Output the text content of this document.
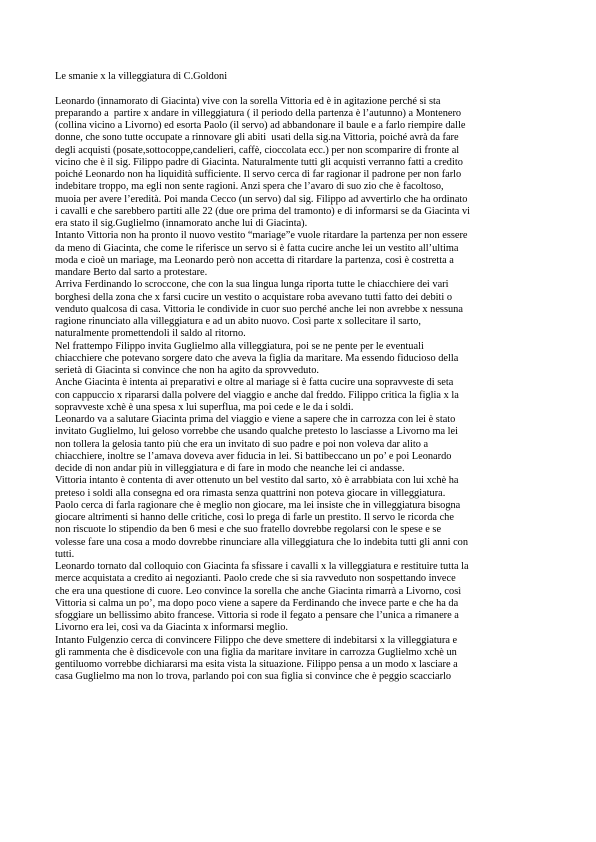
Le smanie x la villeggiatura di C.Goldoni
Leonardo (innamorato di Giacinta) vive con la sorella Vittoria ed è in agitazione perché si sta
preparando a  partire x andare in villeggiatura ( il periodo della partenza è l’autunno) a Montenero
(collina vicino a Livorno) ed esorta Paolo (il servo) ad abbandonare il baule e a farlo riempire dalle
donne, che sono tutte occupate a rinnovare gli abiti  usati della sig.na Vittoria, poiché avrà da fare
degli acquisti (posate,sottocoppe,candelieri, caffè, cioccolata ecc.) per non scomparire di fronte al
vicino che è il sig. Filippo padre di Giacinta. Naturalmente tutti gli acquisti verranno fatti a credito
poiché Leonardo non ha liquidità sufficiente. Il servo cerca di far ragionar il padrone per non farlo
indebitare troppo, ma egli non sente ragioni. Anzi spera che l’avaro di suo zio che è facoltoso,
muoia per avere l’eredità. Poi manda Cecco (un servo) dal sig. Filippo ad avvertirlo che ha ordinato
i cavalli e che sarebbero partiti alle 22 (due ore prima del tramonto) e di informarsi se da Giacinta vi
era stato il sig.Guglielmo (innamorato anche lui di Giacinta).
Intanto Vittoria non ha pronto il nuovo vestito “mariage”e vuole ritardare la partenza per non essere
da meno di Giacinta, che come le riferisce un servo si è fatta cucire anche lei un vestito all’ultima
moda e cioè un mariage, ma Leonardo però non accetta di ritardare la partenza, così è costretta a
mandare Berto dal sarto a protestare.
Arriva Ferdinando lo scroccone, che con la sua lingua lunga riporta tutte le chiacchiere dei vari
borghesi della zona che x farsi cucire un vestito o acquistare roba avevano tutti fatto dei debiti o
venduto qualcosa di casa. Vittoria le condivide in cuor suo perché anche lei non avrebbe x nessuna
ragione rinunciato alla villeggiatura e ad un abito nuovo. Così parte x sollecitare il sarto,
naturalmente promettendoli il saldo al ritorno.
Nel frattempo Filippo invita Guglielmo alla villeggiatura, poi se ne pente per le eventuali
chiacchiere che potevano sorgere dato che aveva la figlia da maritare. Ma essendo fiducioso della
serietà di Giacinta si convince che non ha agito da sprovveduto.
Anche Giacinta è intenta ai preparativi e oltre al mariage si è fatta cucire una sopravveste di seta
con cappuccio x ripararsi dalla polvere del viaggio e anche dal freddo. Filippo critica la figlia x la
sopravveste xchè è una spesa x lui superflua, ma poi cede e le da i soldi.
Leonardo va a salutare Giacinta prima del viaggio e viene a sapere che in carrozza con lei è stato
invitato Guglielmo, lui geloso vorrebbe che usando qualche pretesto lo lasciasse a Livorno ma lei
non tollera la gelosia tanto più che era un invitato di suo padre e poi non voleva dar alito a
chiacchiere, inoltre se l’amava doveva aver fiducia in lei. Si battibeccano un po’ e poi Leonardo
decide di non andar più in villeggiatura e di fare in modo che neanche lei ci andasse.
Vittoria intanto è contenta di aver ottenuto un bel vestito dal sarto, xò è arrabbiata con lui xchè ha
preteso i soldi alla consegna ed ora rimasta senza quattrini non poteva giocare in villeggiatura.
Paolo cerca di farla ragionare che è meglio non giocare, ma lei insiste che in villeggiatura bisogna
giocare altrimenti si hanno delle critiche, così lo prega di farle un prestito. Il servo le ricorda che
non riscuote lo stipendio da ben 6 mesi e che suo fratello dovrebbe regolarsi con le spese e se
volesse fare una cosa a modo dovrebbe rinunciare alla villeggiatura che lo indebita tutti gli anni con
tutti.
Leonardo tornato dal colloquio con Giacinta fa sfissare i cavalli x la villeggiatura e restituire tutta la
merce acquistata a credito ai negozianti. Paolo crede che si sia ravveduto non sospettando invece
che era una questione di cuore. Leo convince la sorella che anche Giacinta rimarrà a Livorno, così
Vittoria si calma un po’, ma dopo poco viene a sapere da Ferdinando che invece parte e che ha da
sfoggiare un bellissimo abito francese. Vittoria si rode il fegato a pensare che l’unica a rimanere a
Livorno era lei, così va da Giacinta x informarsi meglio.
Intanto Fulgenzio cerca di convincere Filippo che deve smettere di indebitarsi x la villeggiatura e
gli rammenta che è disdicevole con una figlia da maritare invitare in carrozza Guglielmo xchè un
gentiluomo vorrebbe dichiararsi ma esita vista la situazione. Filippo pensa a un modo x lasciare a
casa Guglielmo ma non lo trova, parlando poi con sua figlia si convince che è peggio scacciarlo
